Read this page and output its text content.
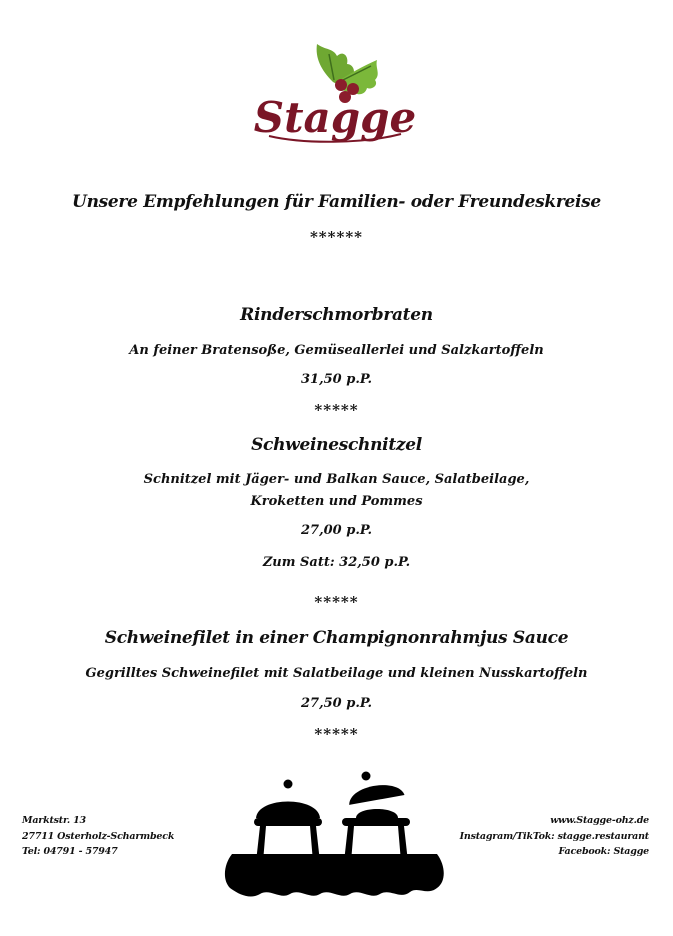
Stagge
Unsere Empfehlungen für Familien- oder Freundeskreise
******
Rinderschmorbraten
An feiner Bratensoße, Gemüseallerlei und Salzkartoffeln
31,50 p.P.
*****
Schweineschnitzel
Schnitzel mit Jäger- und Balkan Sauce, Salatbeilage,
Kroketten und Pommes
27,00 p.P.
Zum Satt: 32,50 p.P.
*****
Schweinefilet in einer Champignonrahmjus Sauce
Gegrilltes Schweinefilet mit Salatbeilage und kleinen Nusskartoffeln
27,50 p.P.
*****
Marktstr. 13
27711 Osterholz-Scharmbeck
Tel: 04791 - 57947
www.Stagge-ohz.de
Instagram/TikTok: stagge.restaurant
Facebook: Stagge
